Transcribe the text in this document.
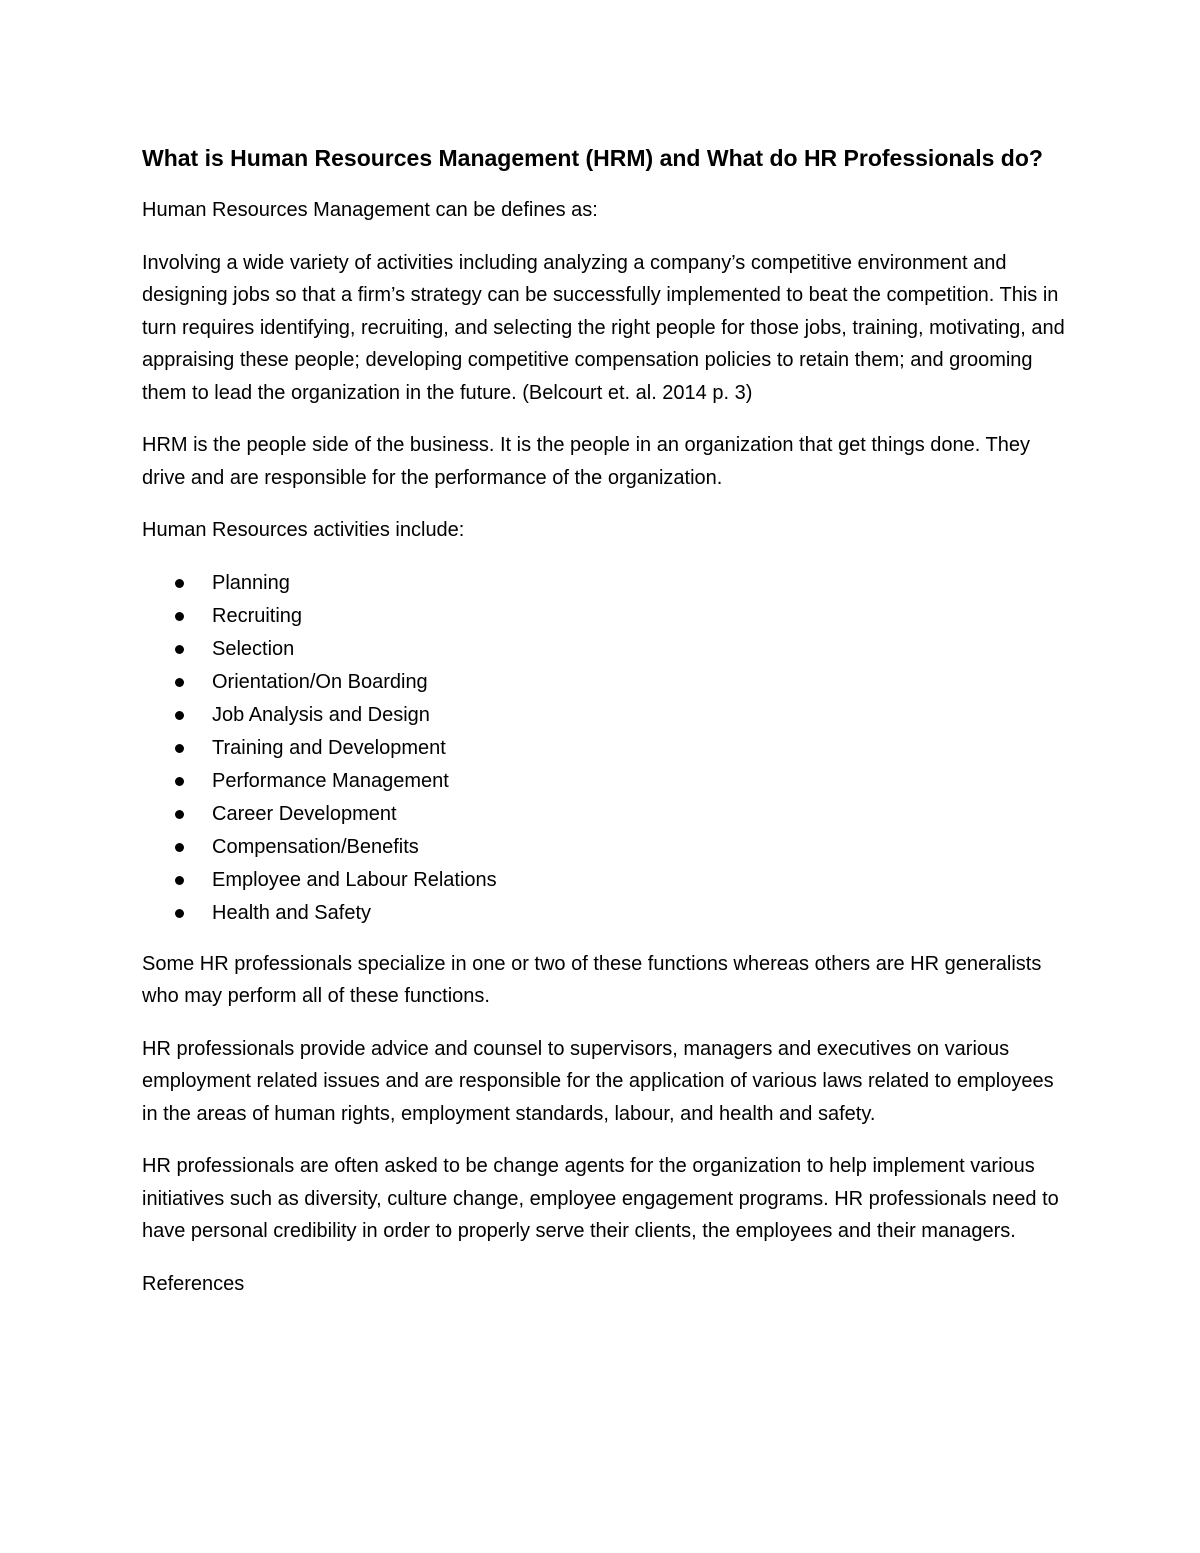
What is Human Resources Management (HRM) and What do HR Professionals do?

Human Resources Management can be defines as:

Involving a wide variety of activities including analyzing a company’s competitive environment and designing jobs so that a firm’s strategy can be successfully implemented to beat the competition. This in turn requires identifying, recruiting, and selecting the right people for those jobs, training, motivating, and appraising these people; developing competitive compensation policies to retain them; and grooming them to lead the organization in the future. (Belcourt et. al. 2014 p. 3)

HRM is the people side of the business. It is the people in an organization that get things done. They drive and are responsible for the performance of the organization.

Human Resources activities include:

Planning
Recruiting
Selection
Orientation/On Boarding
Job Analysis and Design
Training and Development
Performance Management
Career Development
Compensation/Benefits
Employee and Labour Relations
Health and Safety

Some HR professionals specialize in one or two of these functions whereas others are HR generalists who may perform all of these functions.

HR professionals provide advice and counsel to supervisors, managers and executives on various employment related issues and are responsible for the application of various laws related to employees in the areas of human rights, employment standards, labour, and health and safety.

HR professionals are often asked to be change agents for the organization to help implement various initiatives such as diversity, culture change, employee engagement programs. HR professionals need to have personal credibility in order to properly serve their clients, the employees and their managers.

References
